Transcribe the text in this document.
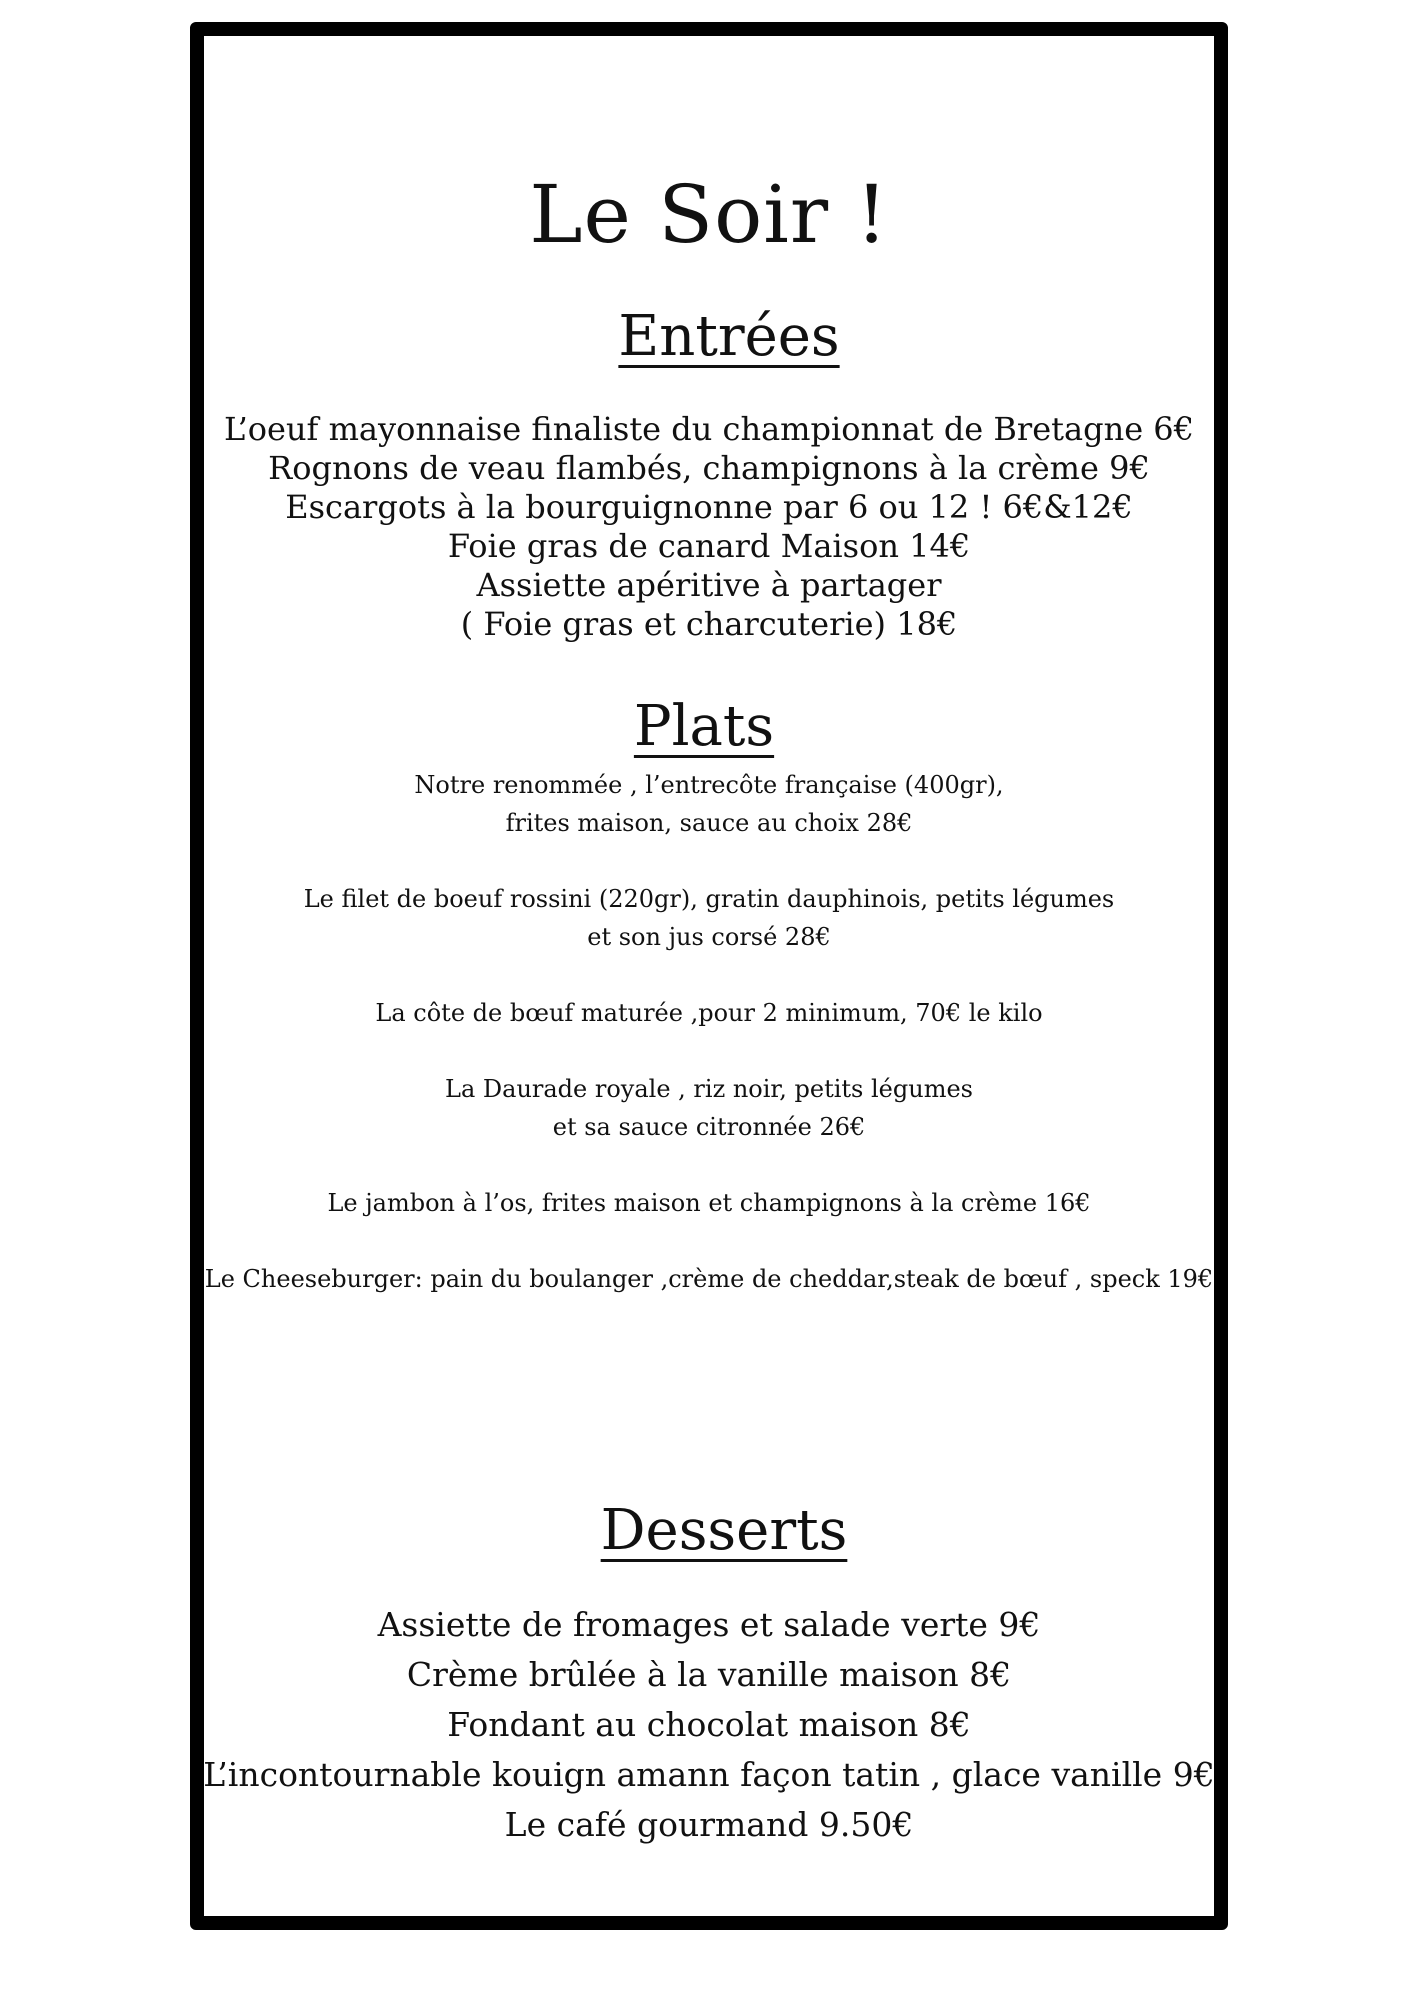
Le Soir !
Entrées
L’oeuf mayonnaise finaliste du championnat de Bretagne 6€
Rognons de veau flambés, champignons à la crème 9€
Escargots à la bourguignonne par 6 ou 12 ! 6€&12€
Foie gras de canard Maison 14€
Assiette apéritive à partager
( Foie gras et charcuterie) 18€
Plats
Notre renommée , l’entrecôte française (400gr),
frites maison, sauce au choix 28€
Le filet de boeuf rossini (220gr), gratin dauphinois, petits légumes
et son jus corsé 28€
La côte de bœuf maturée ,pour 2 minimum, 70€ le kilo
La Daurade royale , riz noir, petits légumes
et sa sauce citronnée 26€
Le jambon à l’os, frites maison et champignons à la crème 16€
Le Cheeseburger: pain du boulanger ,crème de cheddar,steak de bœuf , speck 19€
Desserts
Assiette de fromages et salade verte 9€
Crème brûlée à la vanille maison 8€
Fondant au chocolat maison 8€
L’incontournable kouign amann façon tatin , glace vanille 9€
Le café gourmand 9.50€
